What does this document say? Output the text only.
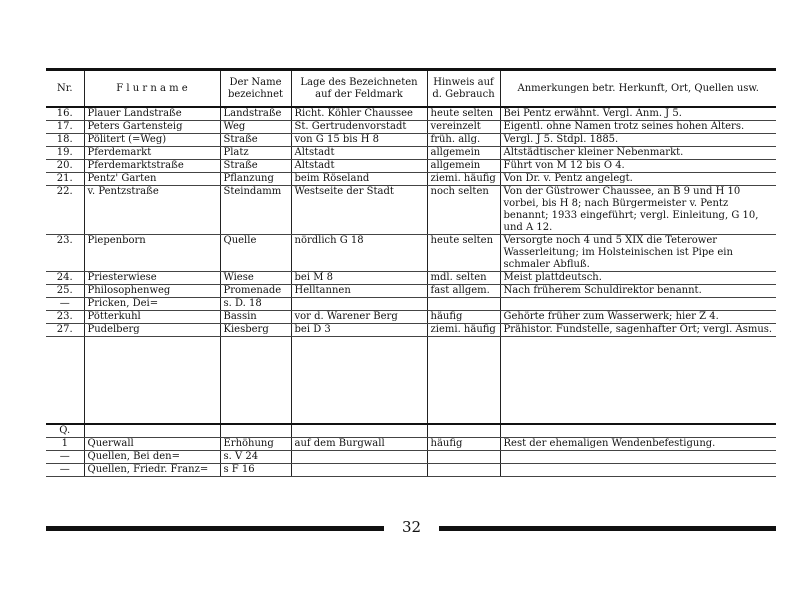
Nr.	F l u r n a m e	Der Name bezeichnet	Lage des Bezeichneten auf der Feldmark	Hinweis auf d. Gebrauch	Anmerkungen betr. Herkunft, Ort, Quellen usw.
16.	Plauer Landstraße	Landstraße	Richt. Köhler Chaussee	heute selten	Bei Pentz erwähnt. Vergl. Anm. J 5.
17.	Peters Gartensteig	Weg	St. Gertrudenvorstadt	vereinzelt	Eigentl. ohne Namen trotz seines hohen Alters.
18.	Pölitert (=Weg)	Straße	von G 15 bis H 8	früh. allg.	Vergl. J 5. Stdpl. 1885.
19.	Pferdemarkt	Platz	Altstadt	allgemein	Altstädtischer kleiner Nebenmarkt.
20.	Pferdemarktstraße	Straße	Altstadt	allgemein	Führt von M 12 bis O 4.
21.	Pentz' Garten	Pflanzung	beim Röseland	ziemi. häufig	Von Dr. v. Pentz angelegt.
22.	v. Pentzstraße	Steindamm	Westseite der Stadt	noch selten	Von der Güstrower Chaussee, an B 9 und H 10 vorbei, bis H 8; nach Bürgermeister v. Pentz benannt; 1933 eingeführt; vergl. Einleitung, G 10, und A 12.
23.	Piepenborn	Quelle	nördlich G 18	heute selten	Versorgte noch 4 und 5 XIX die Teterower Wasserleitung; im Holsteinischen ist Pipe ein schmaler Abfluß.
24.	Priesterwiese	Wiese	bei M 8	mdl. selten	Meist plattdeutsch.
25.	Philosophenweg	Promenade	Helltannen	fast allgem.	Nach früherem Schuldirektor benannt.
—	Pricken, Dei=	s. D. 18			
23.	Pötterkuhl	Bassin	vor d. Warener Berg	häufig	Gehörte früher zum Wasserwerk; hier Z 4.
27.	Pudelberg	Kiesberg	bei D 3	ziemi. häufig	Prähistor. Fundstelle, sagenhafter Ort; vergl. Asmus.

Q.					
1	Querwall	Erhöhung	auf dem Burgwall	häufig	Rest der ehemaligen Wendenbefestigung.
—	Quellen, Bei den=	s. V 24			
—	Quellen, Friedr. Franz=	s F 16			
32
